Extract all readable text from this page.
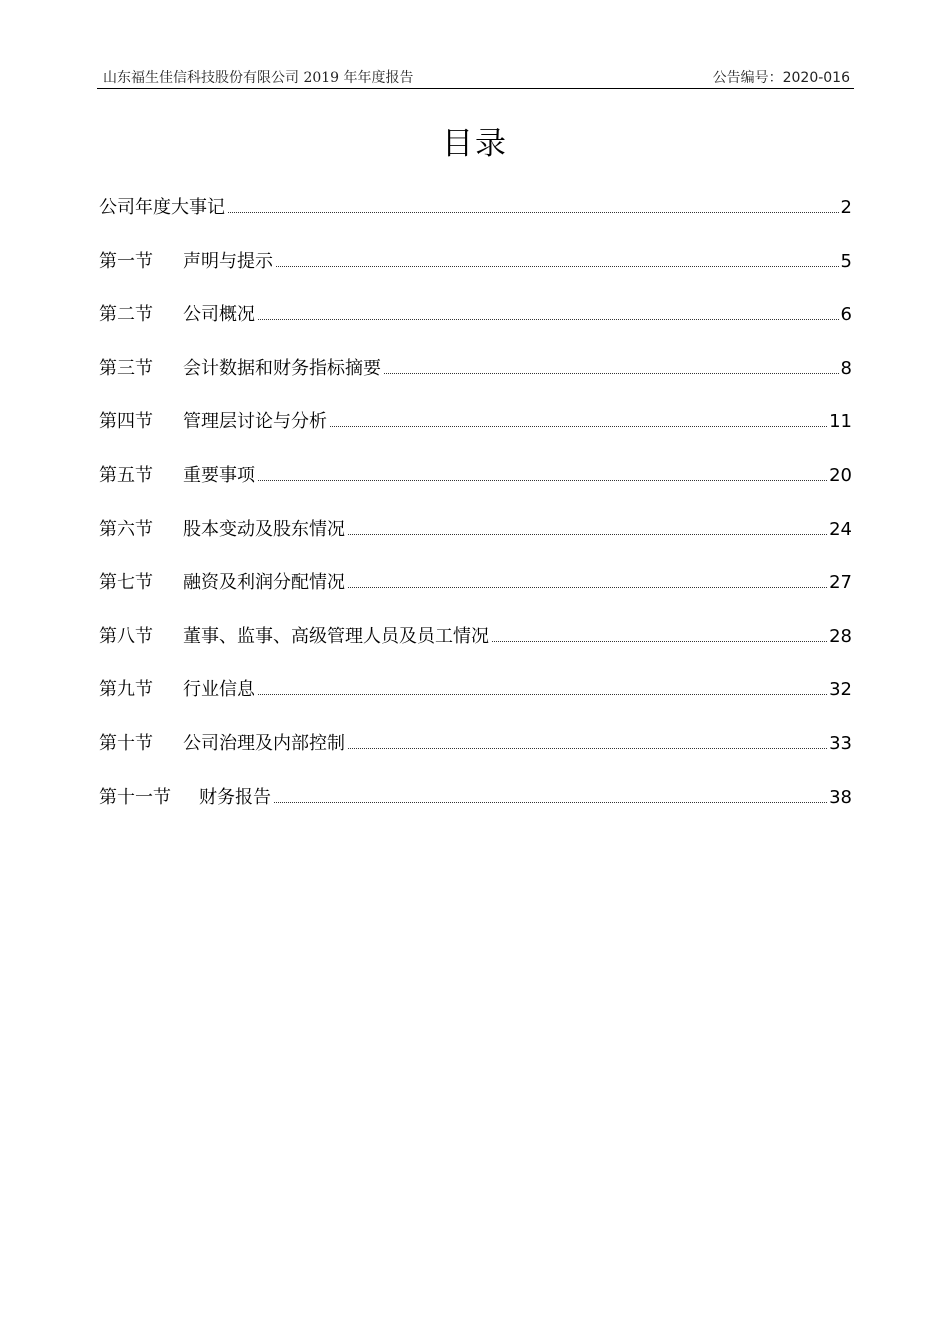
山东福生佳信科技股份有限公司 2019 年年度报告	公告编号：2020-016
目录
公司年度大事记	2
第一节	声明与提示	5
第二节	公司概况	6
第三节	会计数据和财务指标摘要	8
第四节	管理层讨论与分析	11
第五节	重要事项	20
第六节	股本变动及股东情况	24
第七节	融资及利润分配情况	27
第八节	董事、监事、高级管理人员及员工情况	28
第九节	行业信息	32
第十节	公司治理及内部控制	33
第十一节	财务报告	38
